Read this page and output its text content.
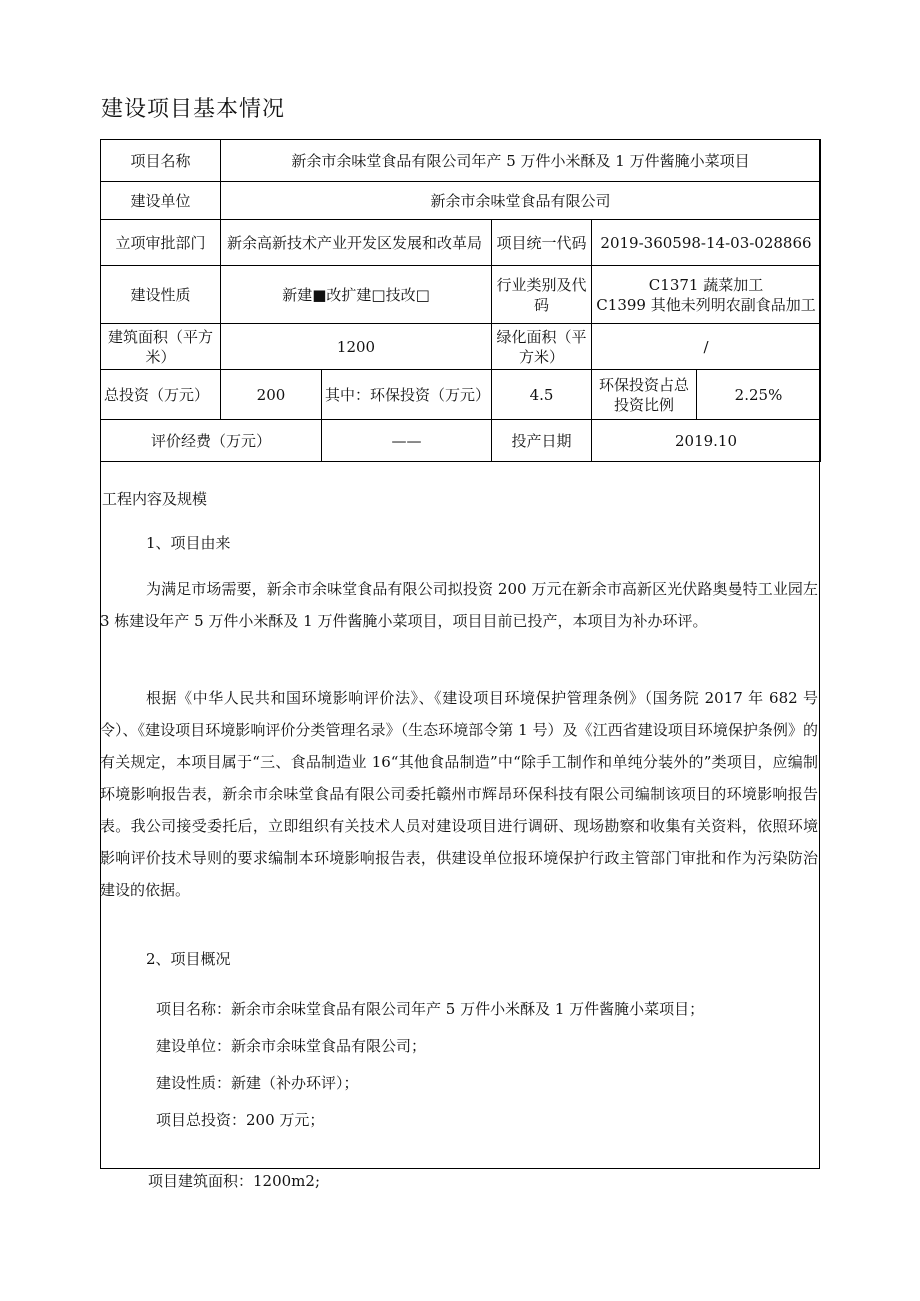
建设项目基本情况
项目名称	新余市余味堂食品有限公司年产 5 万件小米酥及 1 万件酱腌小菜项目				
建设单位	新余市余味堂食品有限公司				
立项审批部门	新余高新技术产业开发区发展和改革局		项目统一代码	2019-360598-14-03-028866	
建设性质	新建■改扩建□技改□		行业类别及代码	C1371 蔬菜加工
C1399 其他未列明农副食品加工	

建筑面积（平方米）	1200		绿化面积（平方米）	/	
总投资（万元）	200	其中：环保投资（万元）	4.5	环保投资占总投资比例	2.25%
评价经费（万元）		——	投产日期	2019.10	
工程内容及规模
1、项目由来

为满足市场需要，新余市余味堂食品有限公司拟投资 200 万元在新余市高新区光伏路奥曼特工业园左 3 栋建设年产 5 万件小米酥及 1 万件酱腌小菜项目，项目目前已投产，本项目为补办环评。

根据《中华人民共和国环境影响评价法》、《建设项目环境保护管理条例》（国务院 2017 年 682 号令）、《建设项目环境影响评价分类管理名录》（生态环境部令第 1 号）及《江西省建设项目环境保护条例》的有关规定，本项目属于“三、食品制造业 16“其他食品制造”中“除手工制作和单纯分装外的”类项目，应编制环境影响报告表，新余市余味堂食品有限公司委托赣州市辉昂环保科技有限公司编制该项目的环境影响报告表。我公司接受委托后，立即组织有关技术人员对建设项目进行调研、现场勘察和收集有关资料，依照环境影响评价技术导则的要求编制本环境影响报告表，供建设单位报环境保护行政主管部门审批和作为污染防治建设的依据。

2、项目概况
项目名称：新余市余味堂食品有限公司年产 5 万件小米酥及 1 万件酱腌小菜项目；
建设单位：新余市余味堂食品有限公司；
建设性质：新建（补办环评）；
项目总投资：200 万元；
项目建筑面积：1200m2;
